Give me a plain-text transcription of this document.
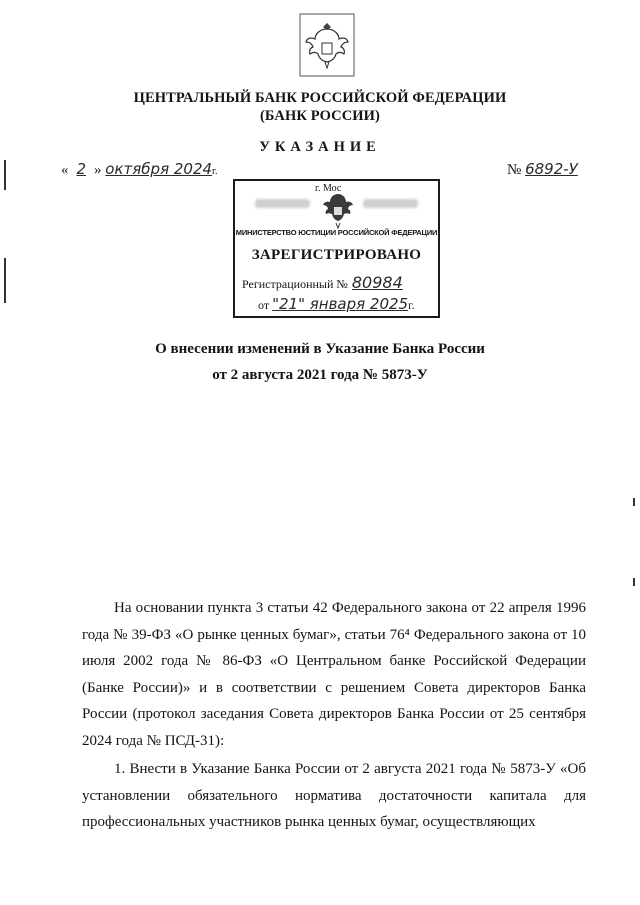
ЦЕНТРАЛЬНЫЙ БАНК РОССИЙСКОЙ ФЕДЕРАЦИИ
(БАНК РОССИИ)
УКАЗАНИЕ
« 2 » октября 2024г.	№ 6892-У
г. Мос
МИНИСТЕРСТВО ЮСТИЦИИ РОССИЙСКОЙ ФЕДЕРАЦИИ
ЗАРЕГИСТРИРОВАНО
Регистрационный № 80984
от "21" января 2025г.
О внесении изменений в Указание Банка России
от 2 августа 2021 года № 5873-У
На основании пункта 3 статьи 42 Федерального закона от 22 апреля 1996 года № 39-ФЗ «О рынке ценных бумаг», статьи 76⁴ Федерального закона от 10 июля 2002 года № 86-ФЗ «О Центральном банке Российской Федерации (Банке России)» и в соответствии с решением Совета директоров Банка России (протокол заседания Совета директоров Банка России от 25 сентября 2024 года № ПСД-31):
1. Внести в Указание Банка России от 2 августа 2021 года № 5873-У «Об установлении обязательного норматива достаточности капитала для профессиональных участников рынка ценных бумаг, осуществляющих
